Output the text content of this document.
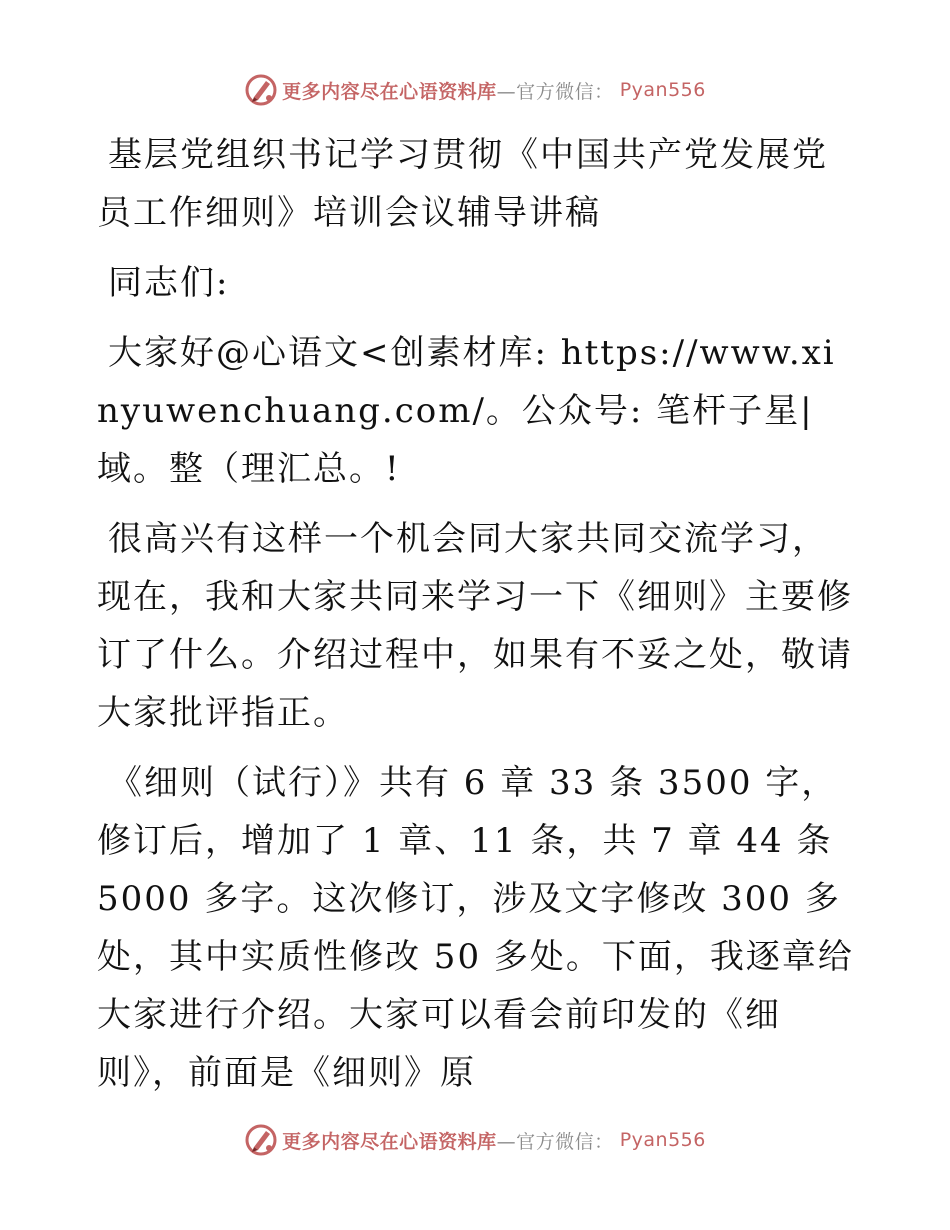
更多内容尽在心语资料库 —官方微信： Pyan556
基层党组织书记学习贯彻《中国共产党发展党员工作细则》培训会议辅导讲稿

同志们:

大家好@心语文<创素材库: https://www.xinyuwenchuang.com/。公众号: 笔杆子星|域。整（理汇总。!

很高兴有这样一个机会同大家共同交流学习，现在，我和大家共同来学习一下《细则》主要修订了什么。介绍过程中，如果有不妥之处，敬请大家批评指正。

《细则（试行）》共有 6 章 33 条 3500 字，修订后，增加了 1 章、11 条，共 7 章 44 条 5000 多字。这次修订，涉及文字修改 300 多处，其中实质性修改 50 多处。下面，我逐章给大家进行介绍。大家可以看会前印发的《细则》，前面是《细则》原

更多内容尽在心语资料库 —官方微信： Pyan556
